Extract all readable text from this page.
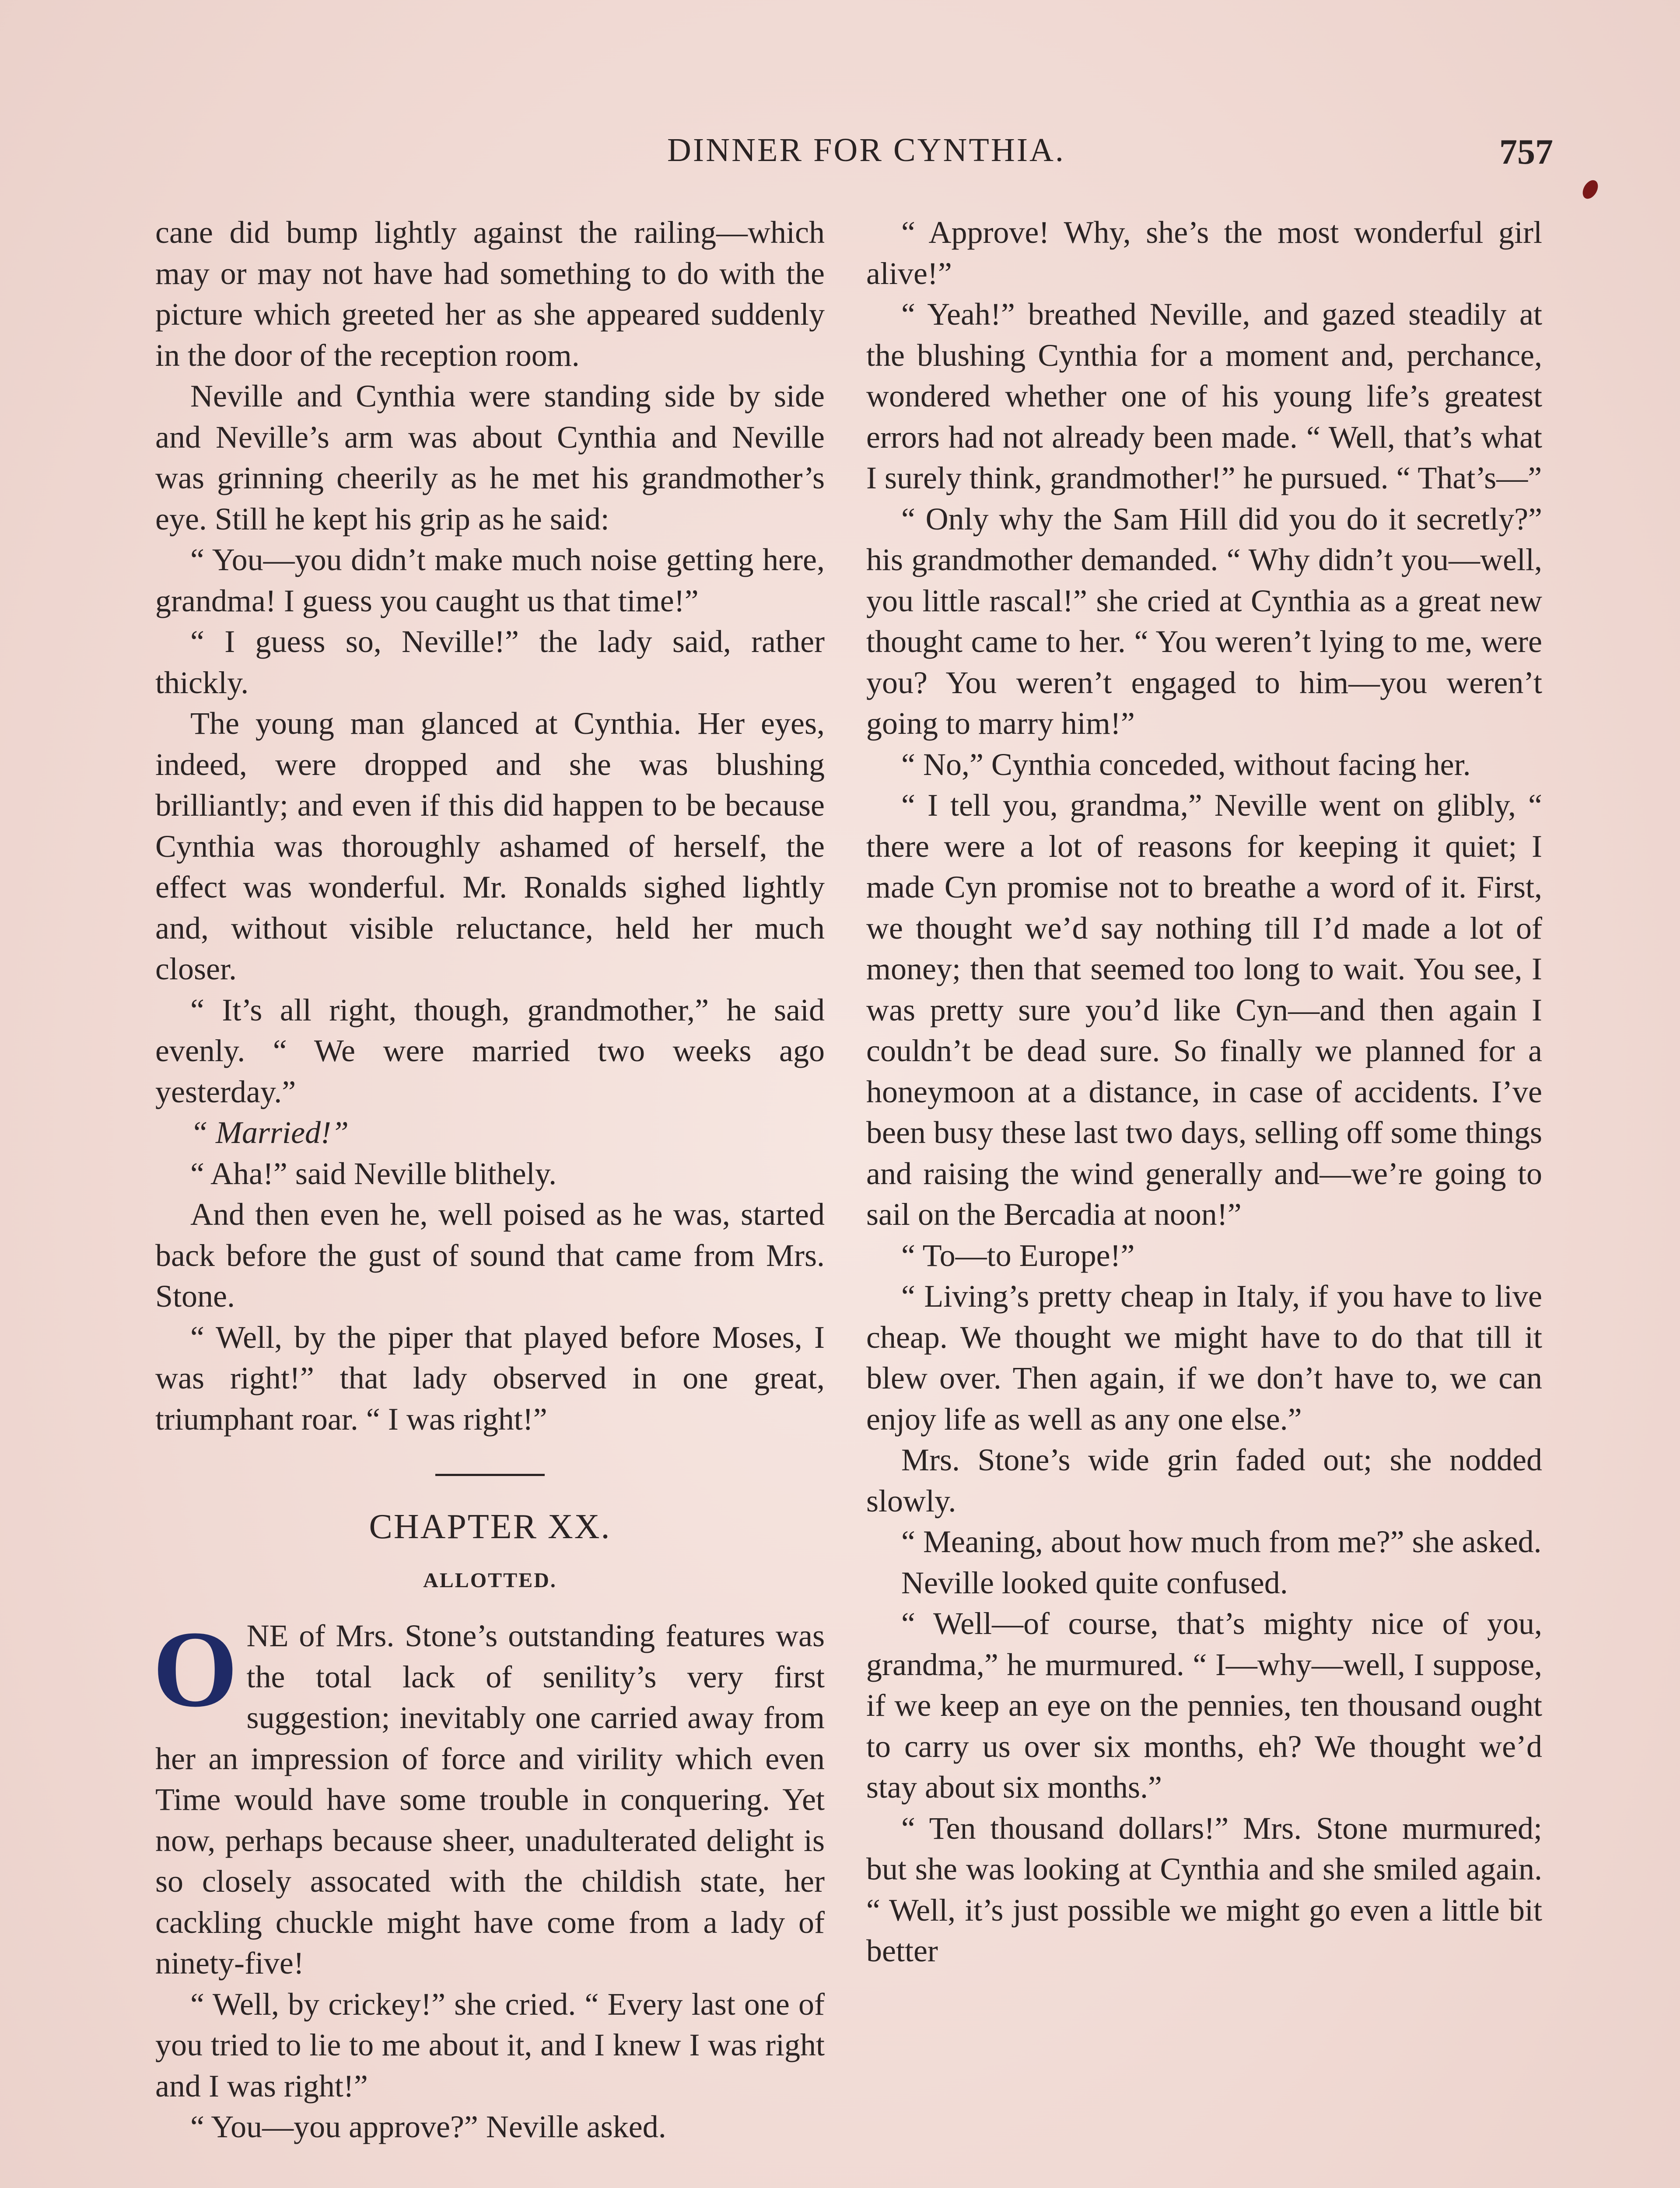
DINNER FOR CYNTHIA.	757

cane did bump lightly against the railing—which may or may not have had something to do with the picture which greeted her as she appeared suddenly in the door of the reception room.

Neville and Cynthia were standing side by side and Neville’s arm was about Cynthia and Neville was grinning cheerily as he met his grandmother’s eye. Still he kept his grip as he said:

“ You—you didn’t make much noise getting here, grandma! I guess you caught us that time!”

“ I guess so, Neville!” the lady said, rather thickly.

The young man glanced at Cynthia. Her eyes, indeed, were dropped and she was blushing brilliantly; and even if this did happen to be because Cynthia was thoroughly ashamed of herself, the effect was wonderful. Mr. Ronalds sighed lightly and, without visible reluctance, held her much closer.

“ It’s all right, though, grandmother,” he said evenly. “ We were married two weeks ago yesterday.”

“ Married!”

“ Aha!” said Neville blithely.

And then even he, well poised as he was, started back before the gust of sound that came from Mrs. Stone.

“ Well, by the piper that played before Moses, I was right!” that lady observed in one great, triumphant roar. “ I was right!”

CHAPTER XX.
ALLOTTED.

ONE of Mrs. Stone’s outstanding features was the total lack of senility’s very first suggestion; inevitably one carried away from her an impression of force and virility which even Time would have some trouble in conquering. Yet now, perhaps because sheer, unadulterated delight is so closely assocated with the childish state, her cackling chuckle might have come from a lady of ninety-five!

“ Well, by crickey!” she cried. “ Every last one of you tried to lie to me about it, and I knew I was right and I was right!”

“ You—you approve?” Neville asked.

“ Approve! Why, she’s the most wonderful girl alive!”

“ Yeah!” breathed Neville, and gazed steadily at the blushing Cynthia for a moment and, perchance, wondered whether one of his young life’s greatest errors had not already been made. “ Well, that’s what I surely think, grandmother!” he pursued. “ That’s—”

“ Only why the Sam Hill did you do it secretly?” his grandmother demanded. “ Why didn’t you—well, you little rascal!” she cried at Cynthia as a great new thought came to her. “ You weren’t lying to me, were you? You weren’t engaged to him—you weren’t going to marry him!”

“ No,” Cynthia conceded, without facing her.

“ I tell you, grandma,” Neville went on glibly, “ there were a lot of reasons for keeping it quiet; I made Cyn promise not to breathe a word of it. First, we thought we’d say nothing till I’d made a lot of money; then that seemed too long to wait. You see, I was pretty sure you’d like Cyn—and then again I couldn’t be dead sure. So finally we planned for a honeymoon at a distance, in case of accidents. I’ve been busy these last two days, selling off some things and raising the wind generally and—we’re going to sail on the Bercadia at noon!”

“ To—to Europe!”

“ Living’s pretty cheap in Italy, if you have to live cheap. We thought we might have to do that till it blew over. Then again, if we don’t have to, we can enjoy life as well as any one else.”

Mrs. Stone’s wide grin faded out; she nodded slowly.

“ Meaning, about how much from me?” she asked.

Neville looked quite confused.

“ Well—of course, that’s mighty nice of you, grandma,” he murmured. “ I—why—well, I suppose, if we keep an eye on the pennies, ten thousand ought to carry us over six months, eh? We thought we’d stay about six months.”

“ Ten thousand dollars!” Mrs. Stone murmured; but she was looking at Cynthia and she smiled again. “ Well, it’s just possible we might go even a little bit better
